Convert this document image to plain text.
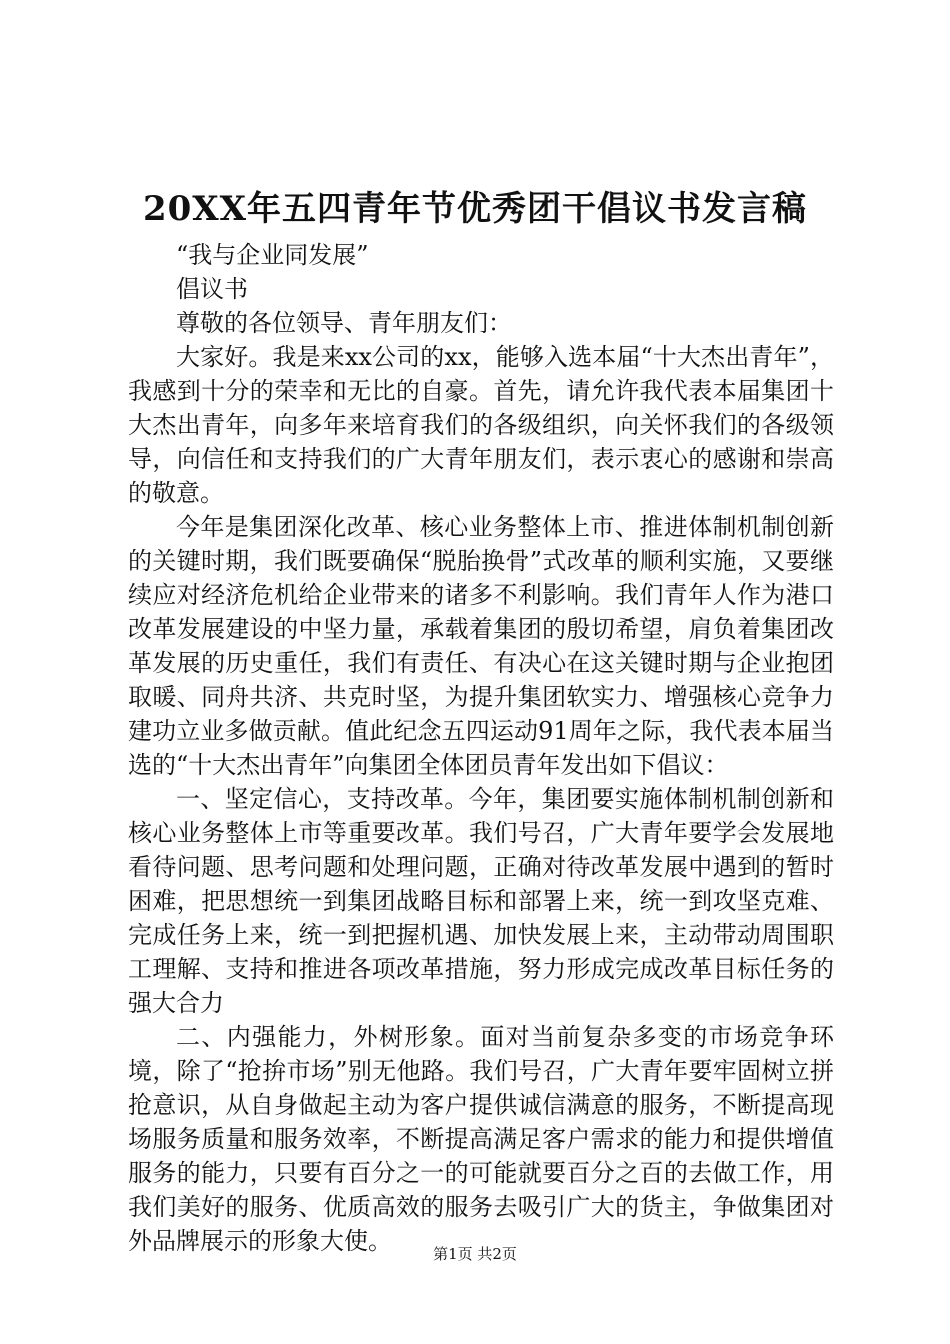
20XX年五四青年节优秀团干倡议书发言稿

“我与企业同发展”

倡议书

尊敬的各位领导、青年朋友们：

大家好。我是来xx公司的xx，能够入选本届“十大杰出青年”，我感到十分的荣幸和无比的自豪。首先，请允许我代表本届集团十大杰出青年，向多年来培育我们的各级组织，向关怀我们的各级领导，向信任和支持我们的广大青年朋友们，表示衷心的感谢和崇高的敬意。

今年是集团深化改革、核心业务整体上市、推进体制机制创新的关键时期，我们既要确保“脱胎换骨”式改革的顺利实施，又要继续应对经济危机给企业带来的诸多不利影响。我们青年人作为港口改革发展建设的中坚力量，承载着集团的殷切希望，肩负着集团改革发展的历史重任，我们有责任、有决心在这关键时期与企业抱团取暖、同舟共济、共克时坚，为提升集团软实力、增强核心竞争力建功立业多做贡献。值此纪念五四运动91周年之际，我代表本届当选的“十大杰出青年”向集团全体团员青年发出如下倡议：

一、坚定信心，支持改革。今年，集团要实施体制机制创新和核心业务整体上市等重要改革。我们号召，广大青年要学会发展地看待问题、思考问题和处理问题，正确对待改革发展中遇到的暂时困难，把思想统一到集团战略目标和部署上来，统一到攻坚克难、完成任务上来，统一到把握机遇、加快发展上来，主动带动周围职工理解、支持和推进各项改革措施，努力形成完成改革目标任务的强大合力

二、内强能力，外树形象。面对当前复杂多变的市场竞争环境，除了“抢拚市场”别无他路。我们号召，广大青年要牢固树立拼抢意识，从自身做起主动为客户提供诚信满意的服务，不断提高现场服务质量和服务效率，不断提高满足客户需求的能力和提供增值服务的能力，只要有百分之一的可能就要百分之百的去做工作，用我们美好的服务、优质高效的服务去吸引广大的货主，争做集团对外品牌展示的形象大使。	第1页 共2页
